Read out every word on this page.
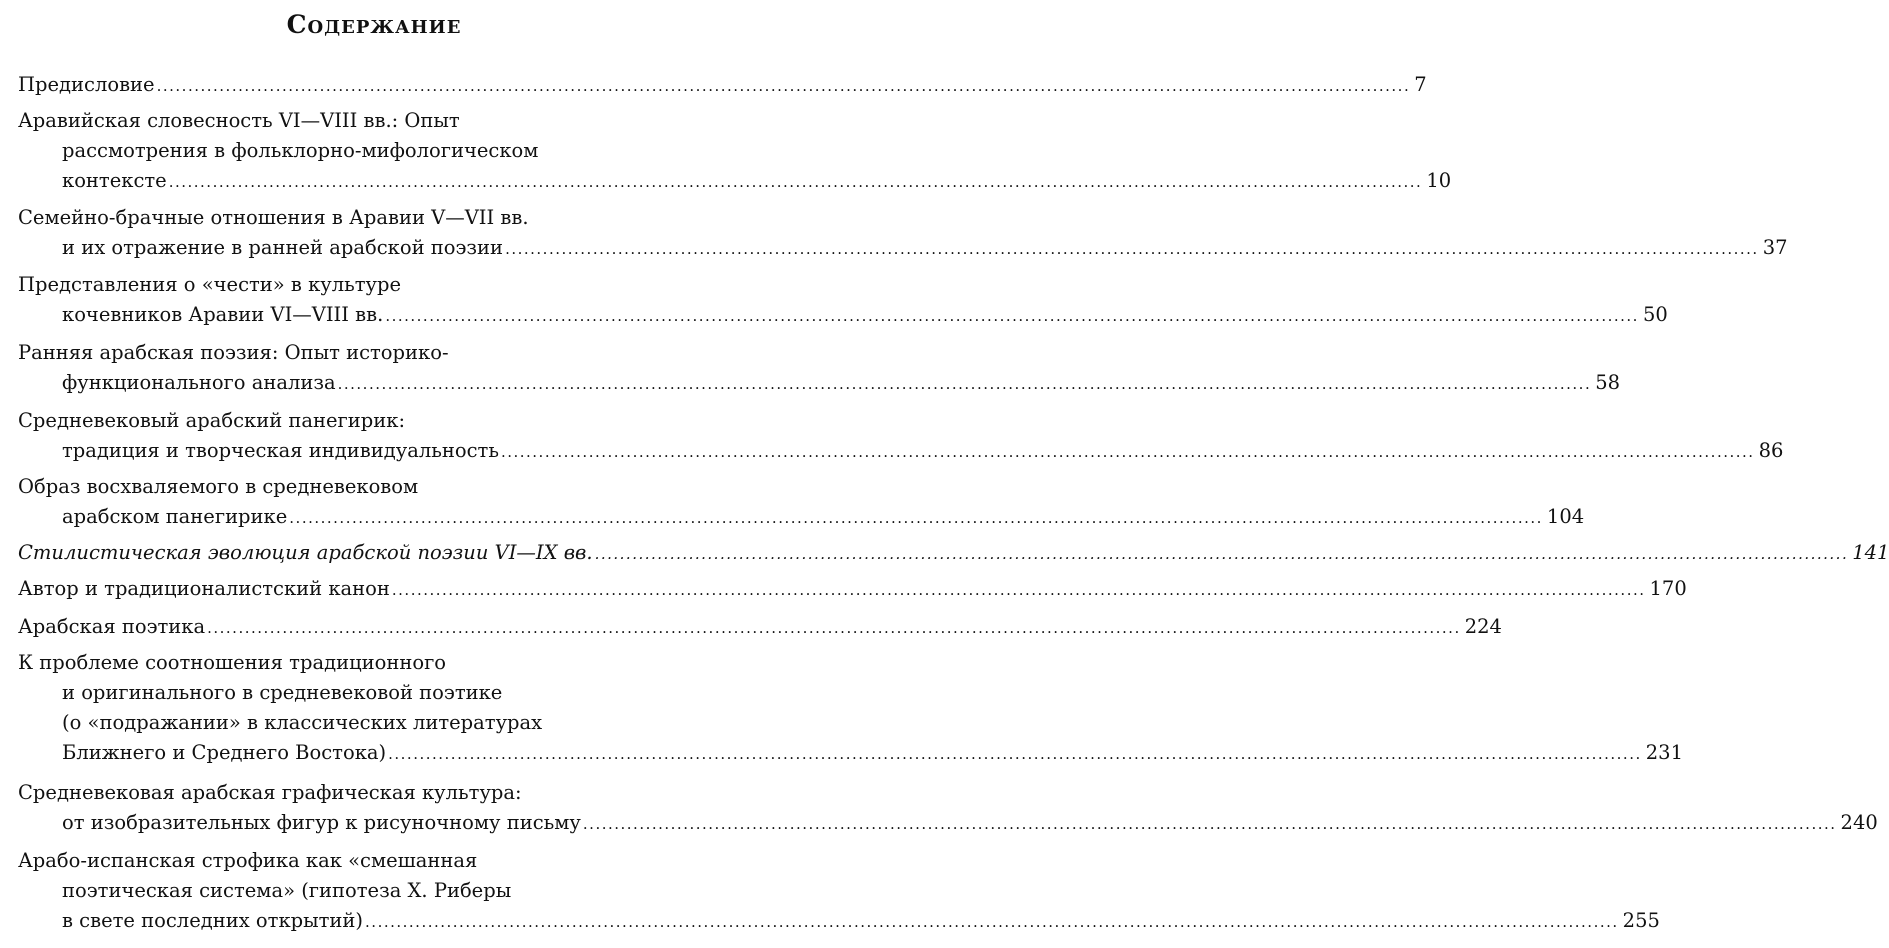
Содержание
Предисловие ........................................................................................................................................................................................................ 7
Аравийская словесность VI—VIII вв.: Опыт
рассмотрения в фольклорно-мифологическом
контексте ........................................................................................................................................................................................................ 10
Семейно-брачные отношения в Аравии V—VII вв.
и их отражение в ранней арабской поэзии ........................................................................................................................................................................................................ 37
Представления о «чести» в культуре
кочевников Аравии VI—VIII вв. ........................................................................................................................................................................................................ 50
Ранняя арабская поэзия: Опыт историко-
функционального анализа ........................................................................................................................................................................................................ 58
Средневековый арабский панегирик:
традиция и творческая индивидуальность ........................................................................................................................................................................................................ 86
Образ восхваляемого в средневековом
арабском панегирике ........................................................................................................................................................................................................ 104
Стилистическая эволюция арабской поэзии VI—IX вв. ........................................................................................................................................................................................................ 141
Автор и традиционалистский канон ........................................................................................................................................................................................................ 170
Арабская поэтика ........................................................................................................................................................................................................ 224
К проблеме соотношения традиционного
и оригинального в средневековой поэтике
(о «подражании» в классических литературах
Ближнего и Среднего Востока) ........................................................................................................................................................................................................ 231
Средневековая арабская графическая культура:
от изобразительных фигур к рисуночному письму ........................................................................................................................................................................................................ 240
Арабо-испанская строфика как «смешанная
поэтическая система» (гипотеза Х. Риберы
в свете последних открытий) ........................................................................................................................................................................................................ 255
